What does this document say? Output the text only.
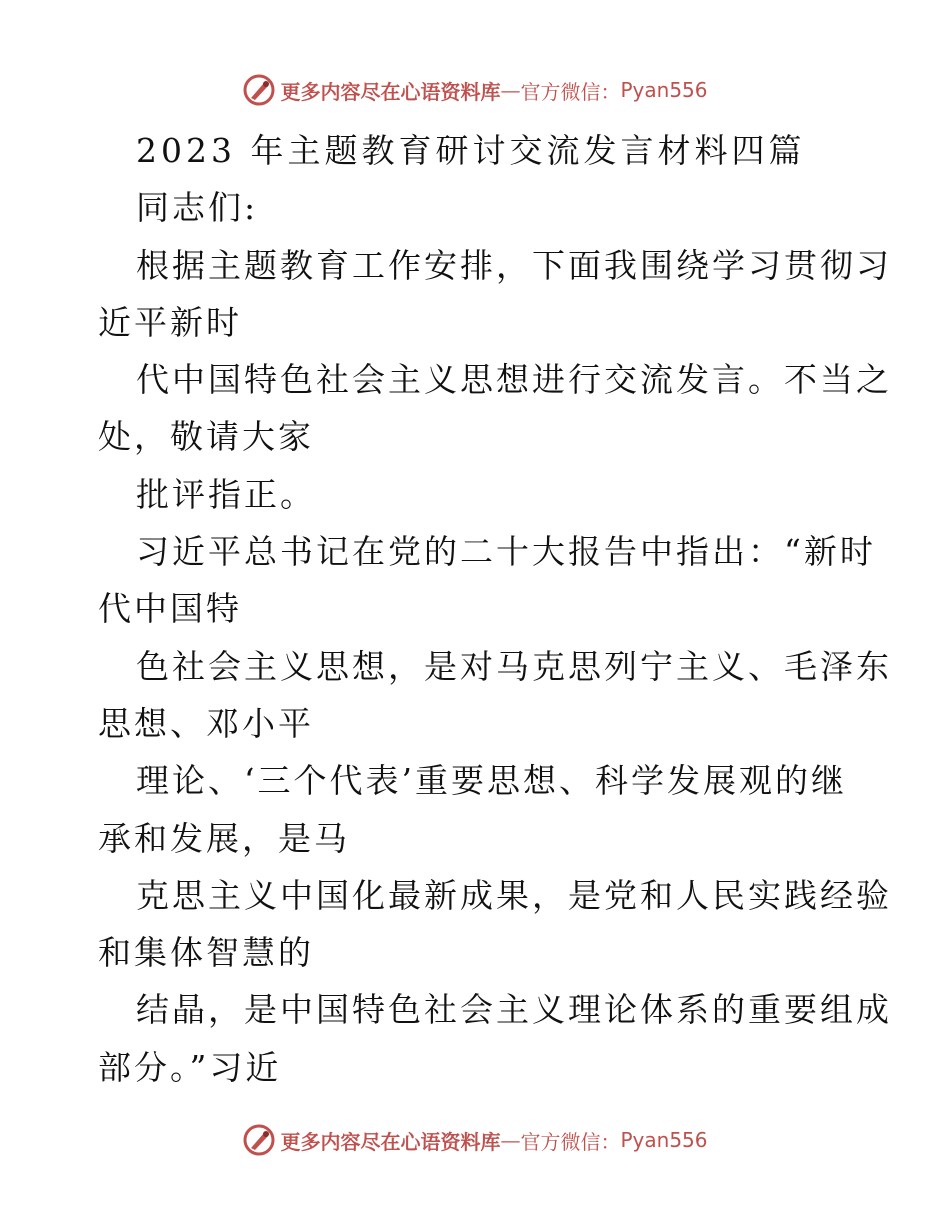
更多内容尽在心语资料库 — 官方微信： Pyan556
2023 年主题教育研讨交流发言材料四篇
同志们:
根据主题教育工作安排，下面我围绕学习贯彻习
近平新时
代中国特色社会主义思想进行交流发言。不当之
处，敬请大家
批评指正。
习近平总书记在党的二十大报告中指出：“新时
代中国特
色社会主义思想，是对马克思列宁主义、毛泽东
思想、邓小平
理论、‘三个代表’重要思想、科学发展观的继
承和发展，是马
克思主义中国化最新成果，是党和人民实践经验
和集体智慧的
结晶，是中国特色社会主义理论体系的重要组成
部分。”习近
更多内容尽在心语资料库 — 官方微信： Pyan556
